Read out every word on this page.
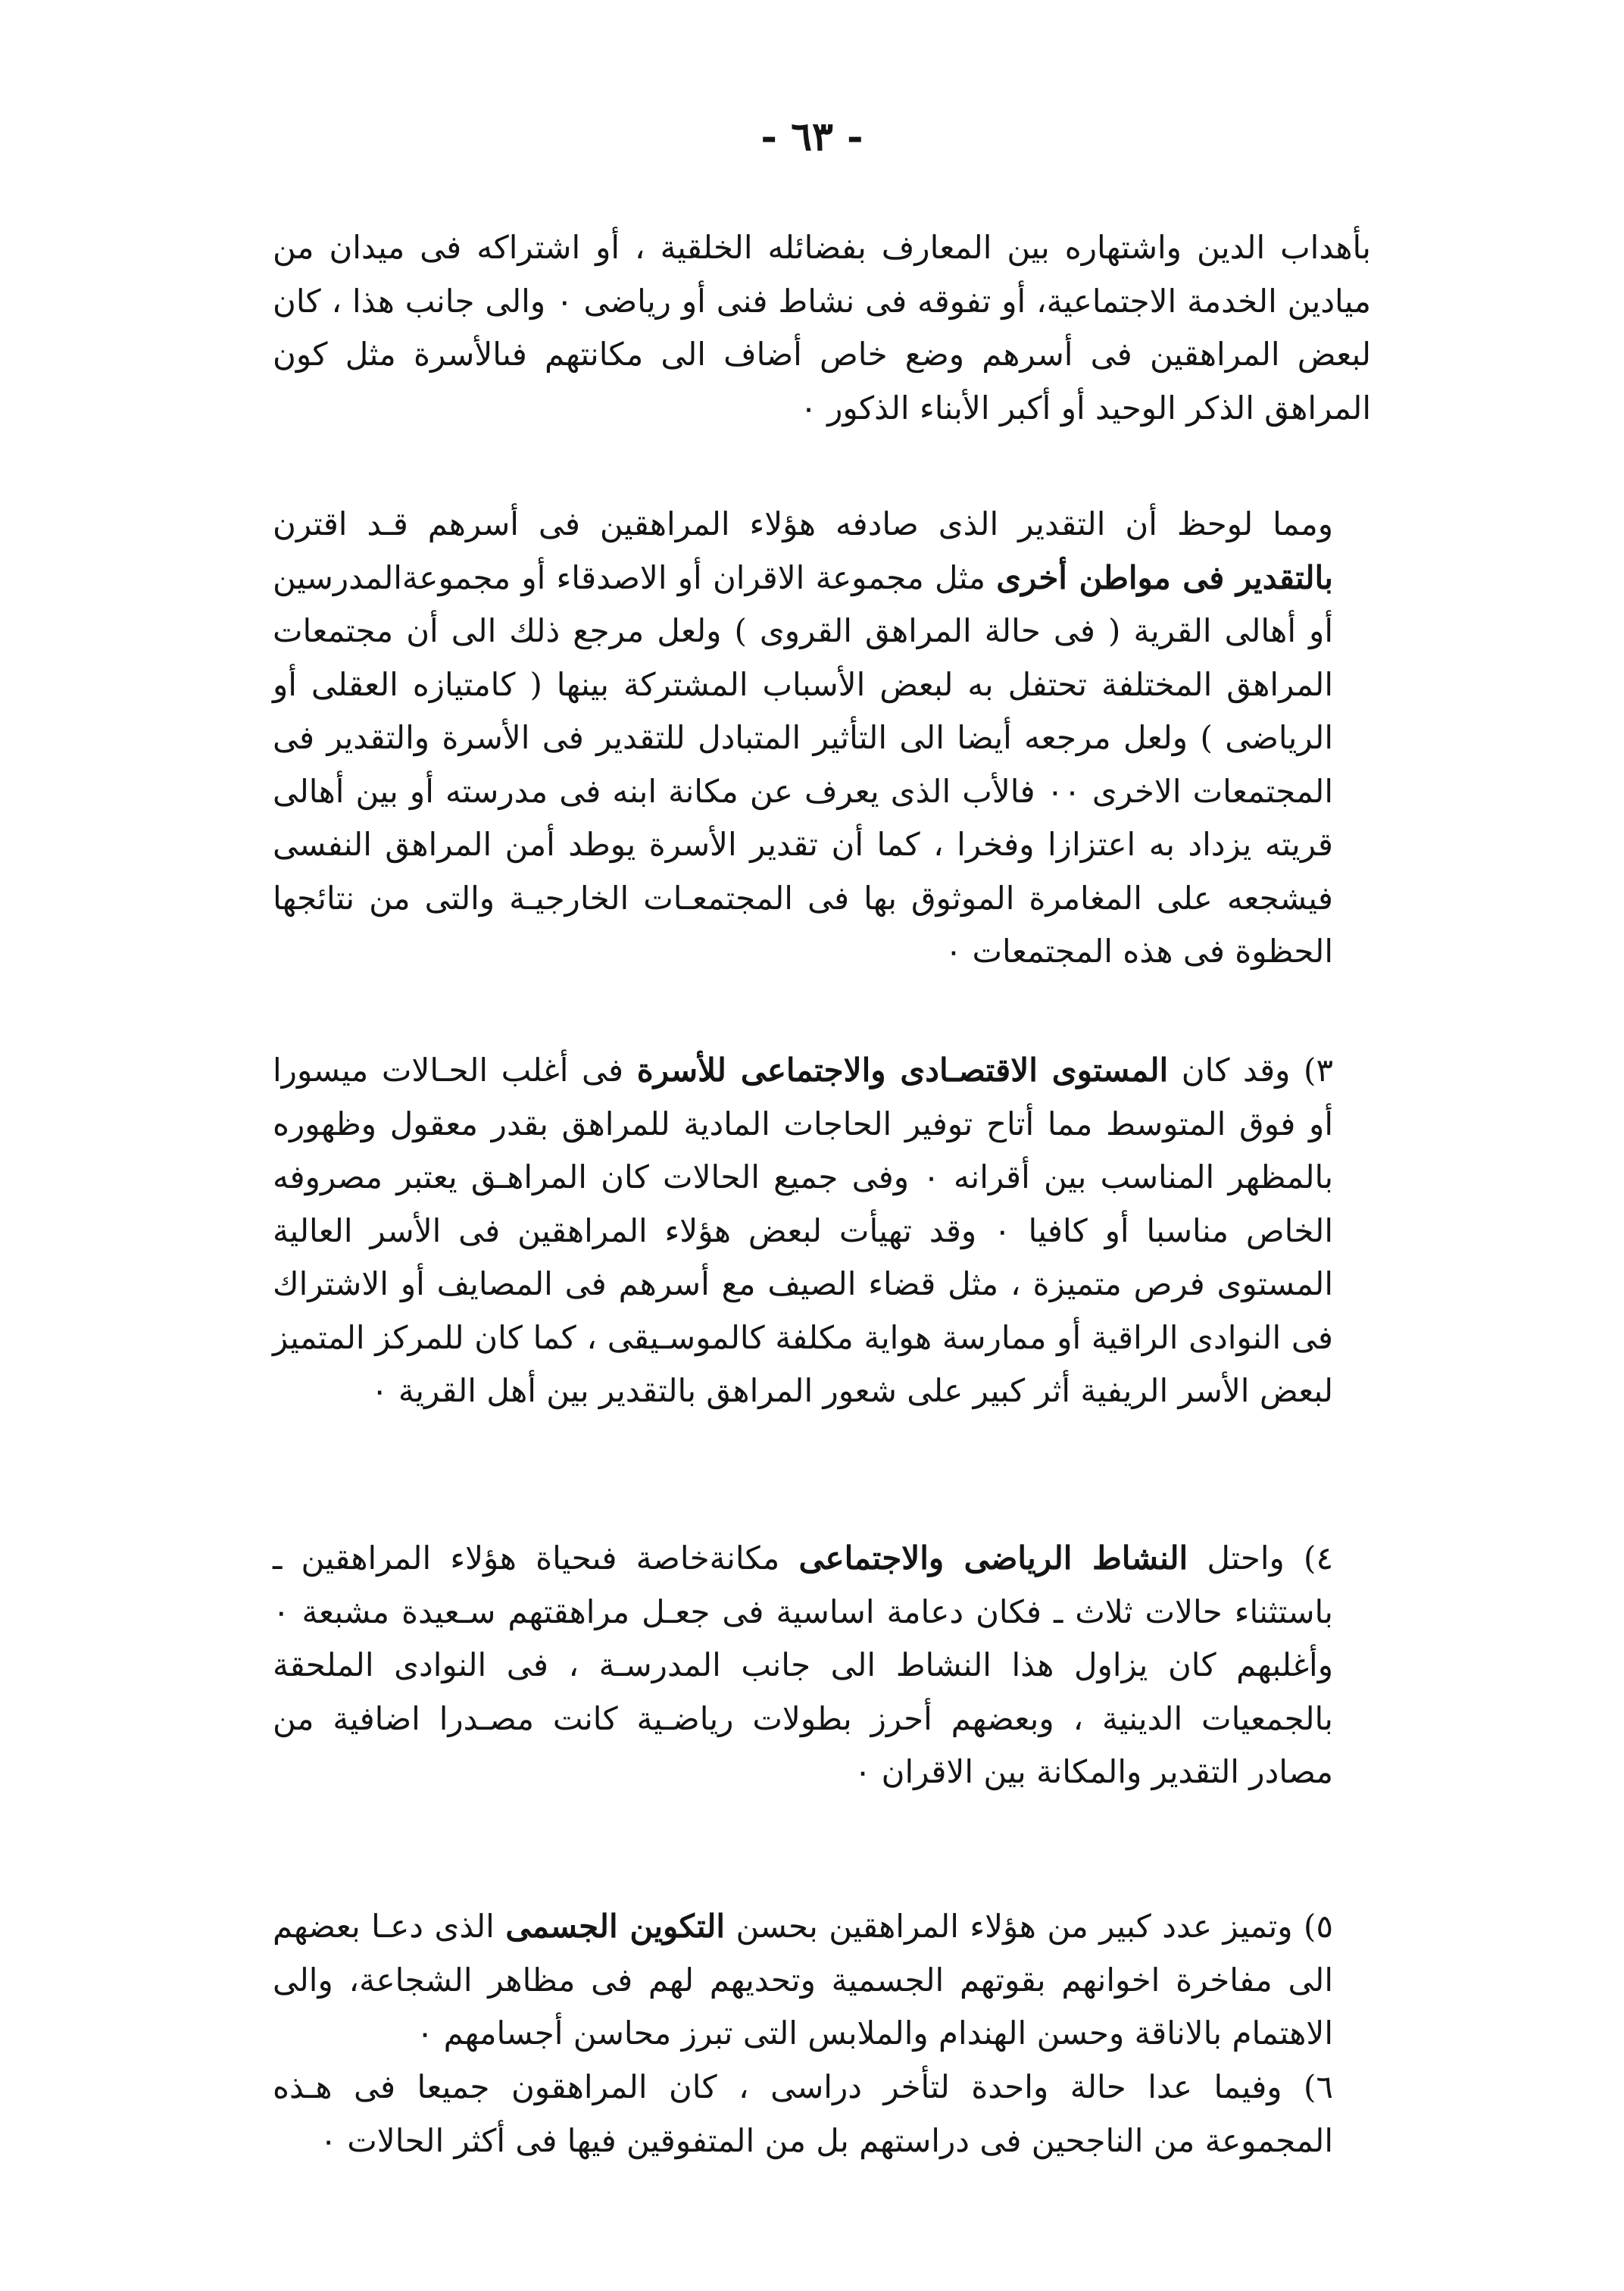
- ٦٣ -

بأهداب الدين واشتهاره بين المعارف بفضائله الخلقية ، أو اشتراكه فى ميدان من ميادين الخدمة الاجتماعية، أو تفوقه فى نشاط فنى أو رياضى ٠ والى جانب هذا ، كان لبعض المراهقين فى أسرهم وضع خاص أضاف الى مكانتهم فىالأسرة مثل كون المراهق الذكر الوحيد أو أكبر الأبناء الذكور ٠

ومما لوحظ أن التقدير الذى صادفه هؤلاء المراهقين فى أسرهم قـد اقترن بالتقدير فى مواطن أخرى مثل مجموعة الاقران أو الاصدقاء أو مجموعةالمدرسين أو أهالى القرية ( فى حالة المراهق القروى ) ولعل مرجع ذلك الى أن مجتمعات المراهق المختلفة تحتفل به لبعض الأسباب المشتركة بينها ( كامتيازه العقلى أو الرياضى ) ولعل مرجعه أيضا الى التأثير المتبادل للتقدير فى الأسرة والتقدير فى المجتمعات الاخرى ٠٠ فالأب الذى يعرف عن مكانة ابنه فى مدرسته أو بين أهالى قريته يزداد به اعتزازا وفخرا ، كما أن تقدير الأسرة يوطد أمن المراهق النفسى فيشجعه على المغامرة الموثوق بها فى المجتمعـات الخارجيـة والتى من نتائجها الحظوة فى هذه المجتمعات ٠

٣) وقد كان المستوى الاقتصـادى والاجتماعى للأسرة فى أغلب الحـالات ميسورا أو فوق المتوسط مما أتاح توفير الحاجات المادية للمراهق بقدر معقول وظهوره بالمظهر المناسب بين أقرانه ٠ وفى جميع الحالات كان المراهـق يعتبر مصروفه الخاص مناسبا أو كافيا ٠ وقد تهيأت لبعض هؤلاء المراهقين فى الأسر العالية المستوى فرص متميزة ، مثل قضاء الصيف مع أسرهم فى المصايف أو الاشتراك فى النوادى الراقية أو ممارسة هواية مكلفة كالموسـيقى ، كما كان للمركز المتميز لبعض الأسر الريفية أثر كبير على شعور المراهق بالتقدير بين أهل القرية ٠

٤) واحتل النشاط الرياضى والاجتماعى مكانةخاصة فىحياة هؤلاء المراهقين ـ باستثناء حالات ثلاث ـ فكان دعامة اساسية فى جعـل مراهقتهم سـعيدة مشبعة ٠ وأغلبهم كان يزاول هذا النشاط الى جانب المدرسـة ، فى النوادى الملحقة بالجمعيات الدينية ، وبعضهم أحرز بطولات رياضـية كانت مصـدرا اضافية من مصادر التقدير والمكانة بين الاقران ٠

٥) وتميز عدد كبير من هؤلاء المراهقين بحسن التكوين الجسمى الذى دعـا بعضهم الى مفاخرة اخوانهم بقوتهم الجسمية وتحديهم لهم فى مظاهر الشجاعة، والى الاهتمام بالاناقة وحسن الهندام والملابس التى تبرز محاسن أجسامهم ٠

٦) وفيما عدا حالة واحدة لتأخر دراسى ، كان المراهقون جميعا فى هـذه المجموعة من الناجحين فى دراستهم بل من المتفوقين فيها فى أكثر الحالات ٠
